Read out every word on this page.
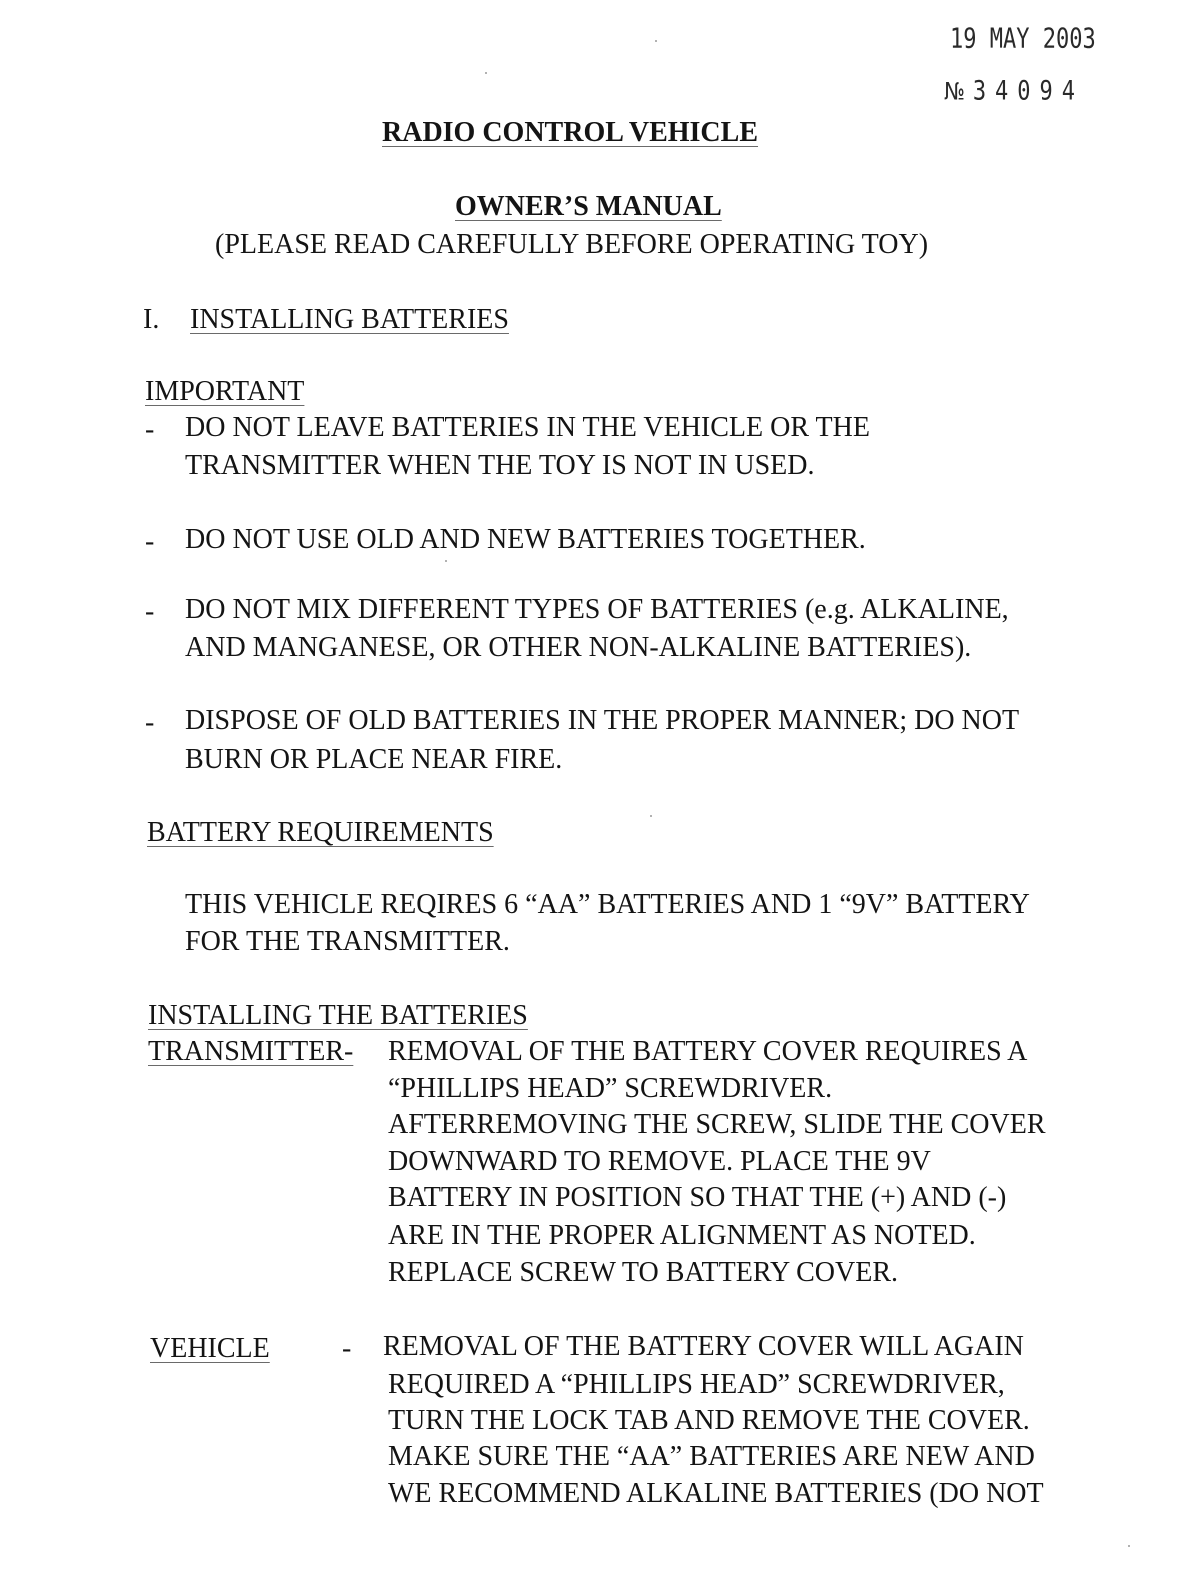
19 MAY 2003
№ 34094
RADIO CONTROL VEHICLE
OWNER’S MANUAL
(PLEASE READ CAREFULLY BEFORE OPERATING TOY)
I. INSTALLING BATTERIES
IMPORTANT
- DO NOT LEAVE BATTERIES IN THE VEHICLE OR THE
TRANSMITTER WHEN THE TOY IS NOT IN USED.
- DO NOT USE OLD AND NEW BATTERIES TOGETHER.
- DO NOT MIX DIFFERENT TYPES OF BATTERIES (e.g. ALKALINE,
AND MANGANESE, OR OTHER NON-ALKALINE BATTERIES).
- DISPOSE OF OLD BATTERIES IN THE PROPER MANNER; DO NOT
BURN OR PLACE NEAR FIRE.
BATTERY REQUIREMENTS
THIS VEHICLE REQIRES 6 “AA” BATTERIES AND 1 “9V” BATTERY
FOR THE TRANSMITTER.
INSTALLING THE BATTERIES
TRANSMITTER- REMOVAL OF THE BATTERY COVER REQUIRES A
“PHILLIPS HEAD” SCREWDRIVER.
AFTERREMOVING THE SCREW, SLIDE THE COVER
DOWNWARD TO REMOVE. PLACE THE 9V
BATTERY IN POSITION SO THAT THE (+) AND (-)
ARE IN THE PROPER ALIGNMENT AS NOTED.
REPLACE SCREW TO BATTERY COVER.
VEHICLE	- REMOVAL OF THE BATTERY COVER WILL AGAIN
REQUIRED A “PHILLIPS HEAD” SCREWDRIVER,
TURN THE LOCK TAB AND REMOVE THE COVER.
MAKE SURE THE “AA” BATTERIES ARE NEW AND
WE RECOMMEND ALKALINE BATTERIES (DO NOT
